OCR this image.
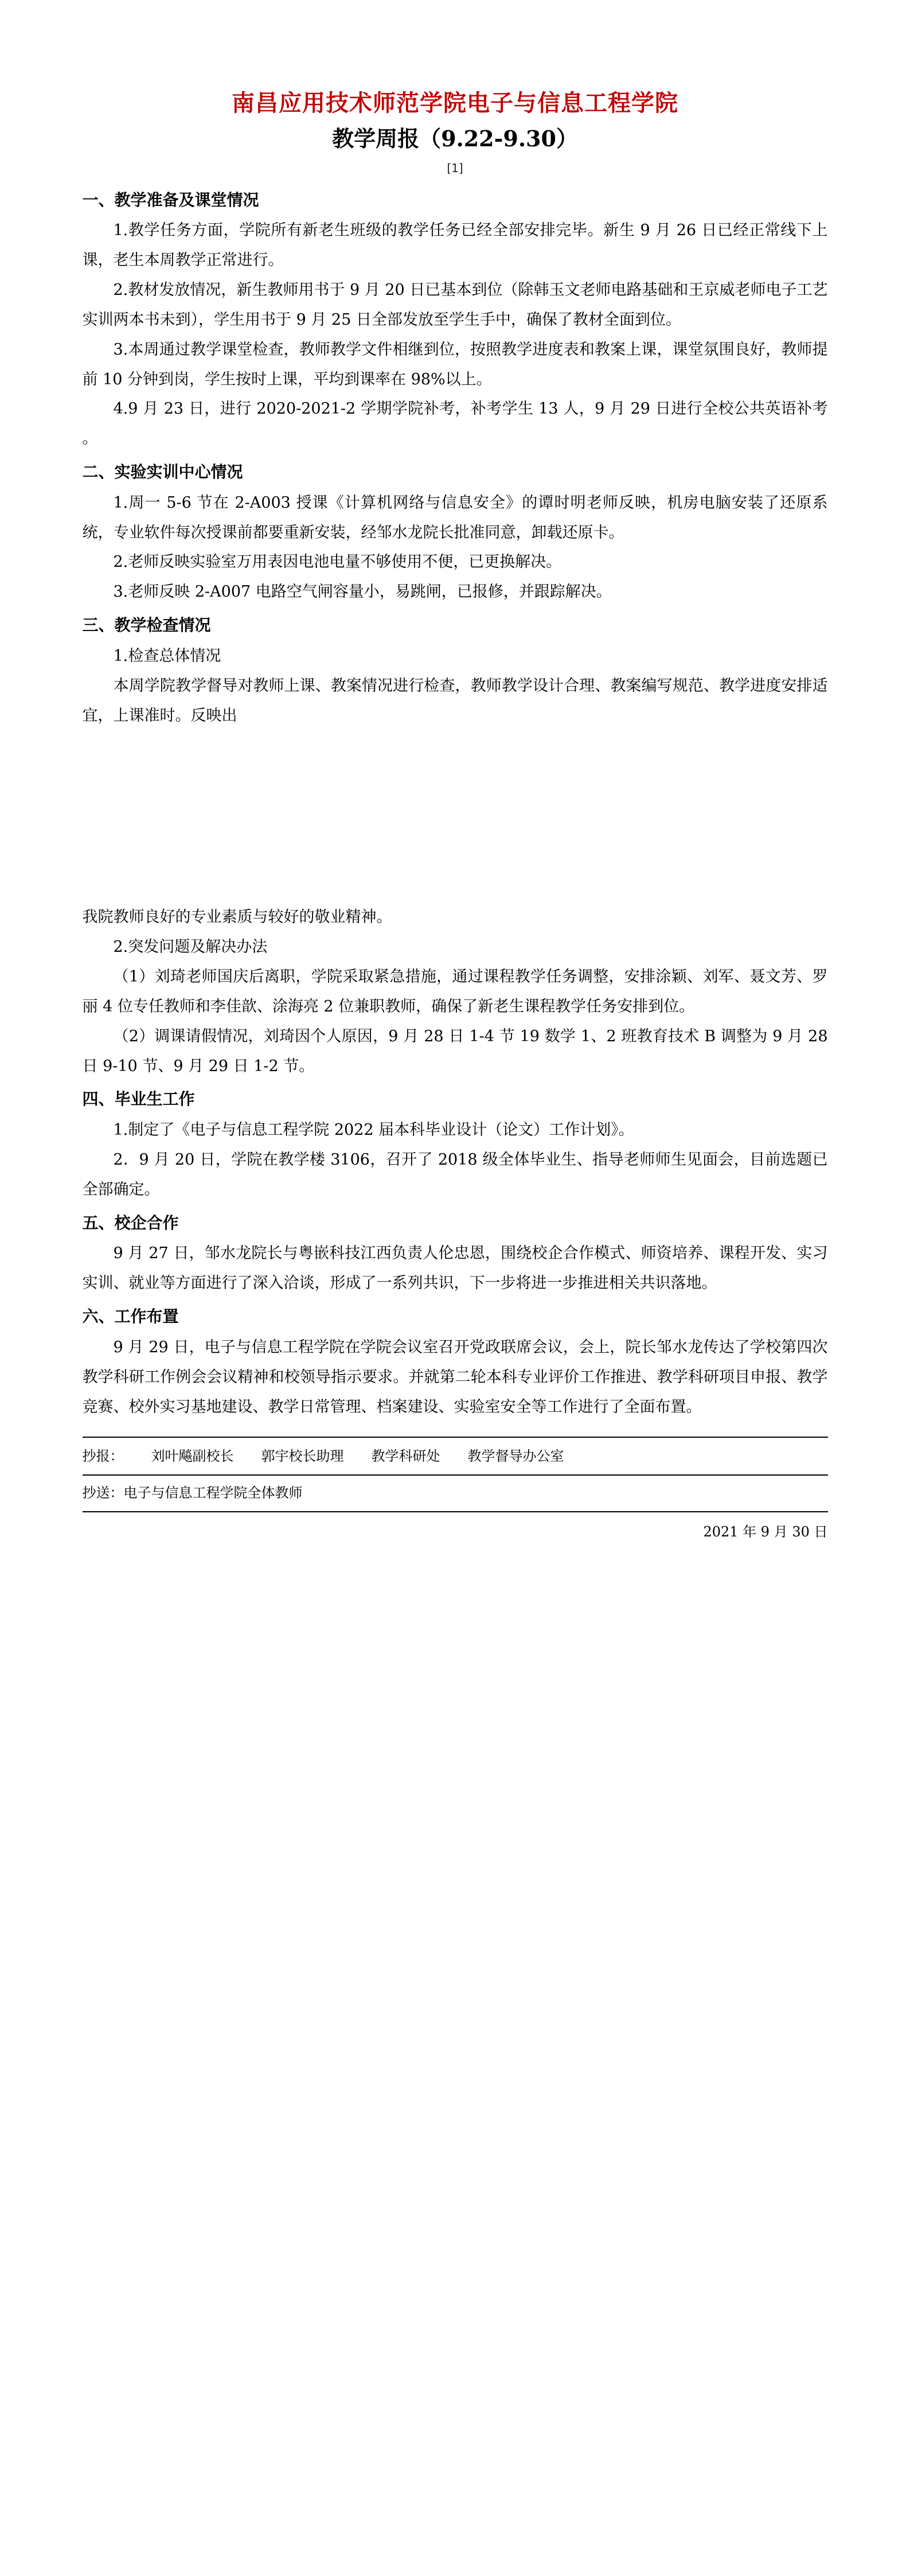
南昌应用技术师范学院电子与信息工程学院
教学周报（9.22-9.30）
[1]
一、教学准备及课堂情况

1.教学任务方面，学院所有新老生班级的教学任务已经全部安排完毕。新生 9 月 26 日已经正常线下上课，老生本周教学正常进行。

2.教材发放情况，新生教师用书于 9 月 20 日已基本到位（除韩玉文老师电路基础和王京威老师电子工艺实训两本书未到），学生用书于 9 月 25 日全部发放至学生手中，确保了教材全面到位。

3.本周通过教学课堂检查，教师教学文件相继到位，按照教学进度表和教案上课，课堂氛围良好，教师提前 10 分钟到岗，学生按时上课，平均到课率在 98%以上。

4.9 月 23 日，进行 2020-2021-2 学期学院补考，补考学生 13 人，9 月 29 日进行全校公共英语补考 。

二、实验实训中心情况

1.周一 5-6 节在 2-A003 授课《计算机网络与信息安全》的谭时明老师反映，机房电脑安装了还原系统，专业软件每次授课前都要重新安装，经邹水龙院长批准同意，卸载还原卡。

2.老师反映实验室万用表因电池电量不够使用不便，已更换解决。

3.老师反映 2-A007 电路空气闸容量小，易跳闸，已报修，并跟踪解决。

三、教学检查情况

1.检查总体情况

本周学院教学督导对教师上课、教案情况进行检查，教师教学设计合理、教案编写规范、教学进度安排适宜，上课准时。反映出

我院教师良好的专业素质与较好的敬业精神。

2.突发问题及解决办法

（1）刘琦老师国庆后离职，学院采取紧急措施，通过课程教学任务调整，安排涂颖、刘军、聂文芳、罗丽 4 位专任教师和李佳歆、涂海亮 2 位兼职教师，确保了新老生课程教学任务安排到位。

（2）调课请假情况，刘琦因个人原因，9 月 28 日 1-4 节 19 数学 1、2 班教育技术 B 调整为 9 月 28 日 9-10 节、9 月 29 日 1-2 节。

四、毕业生工作

1.制定了《电子与信息工程学院 2022 届本科毕业设计（论文）工作计划》。

2．9 月 20 日，学院在教学楼 3106，召开了 2018 级全体毕业生、指导老师师生见面会，目前选题已全部确定。

五、校企合作

9 月 27 日，邹水龙院长与粤嵌科技江西负责人伦忠恩，围绕校企合作模式、师资培养、课程开发、实习实训、就业等方面进行了深入洽谈，形成了一系列共识，下一步将进一步推进相关共识落地。

六、工作布置

9 月 29 日，电子与信息工程学院在学院会议室召开党政联席会议，会上，院长邹水龙传达了学校第四次教学科研工作例会会议精神和校领导指示要求。并就第二轮本科专业评价工作推进、教学科研项目申报、教学竞赛、校外实习基地建设、教学日常管理、档案建设、实验室安全等工作进行了全面布置。

抄报： 刘叶飚副校长 郭宇校长助理 教学科研处 教学督导办公室
抄送：电子与信息工程学院全体教师
2021 年 9 月 30 日
